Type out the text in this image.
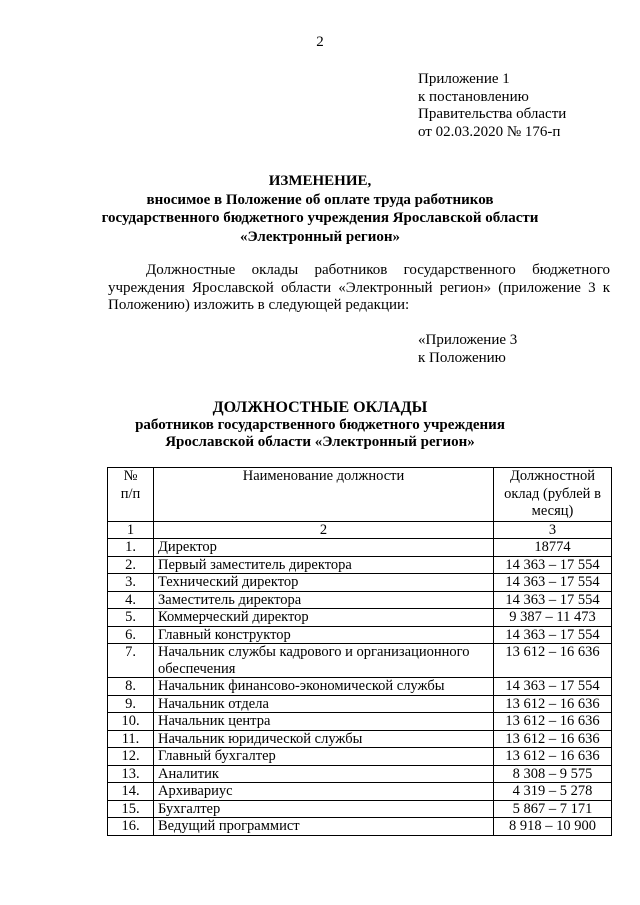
2
Приложение 1
к постановлению
Правительства области
от 02.03.2020 № 176-п
ИЗМЕНЕНИЕ,
вносимое в Положение об оплате труда работников
государственного бюджетного учреждения Ярославской области
«Электронный регион»

Должностные оклады работников государственного бюджетного учреждения Ярославской области «Электронный регион» (приложение 3 к Положению) изложить в следующей редакции:

«Приложение 3
к Положению
ДОЛЖНОСТНЫЕ ОКЛАДЫ
работников государственного бюджетного учреждения
Ярославской области «Электронный регион»
№
п/п	Наименование должности	Должностной оклад (рублей в месяц)
1	2	3
1.	Директор	18774
2.	Первый заместитель директора	14 363 – 17 554
3.	Технический директор	14 363 – 17 554
4.	Заместитель директора	14 363 – 17 554
5.	Коммерческий директор	9 387 – 11 473
6.	Главный конструктор	14 363 – 17 554
7.	Начальник службы кадрового и организационного обеспечения	13 612 – 16 636
8.	Начальник финансово-экономической службы	14 363 – 17 554
9.	Начальник отдела	13 612 – 16 636
10.	Начальник центра	13 612 – 16 636
11.	Начальник юридической службы	13 612 – 16 636
12.	Главный бухгалтер	13 612 – 16 636
13.	Аналитик	8 308 – 9 575
14.	Архивариус	4 319 – 5 278
15.	Бухгалтер	5 867 – 7 171
16.	Ведущий программист	8 918 – 10 900
